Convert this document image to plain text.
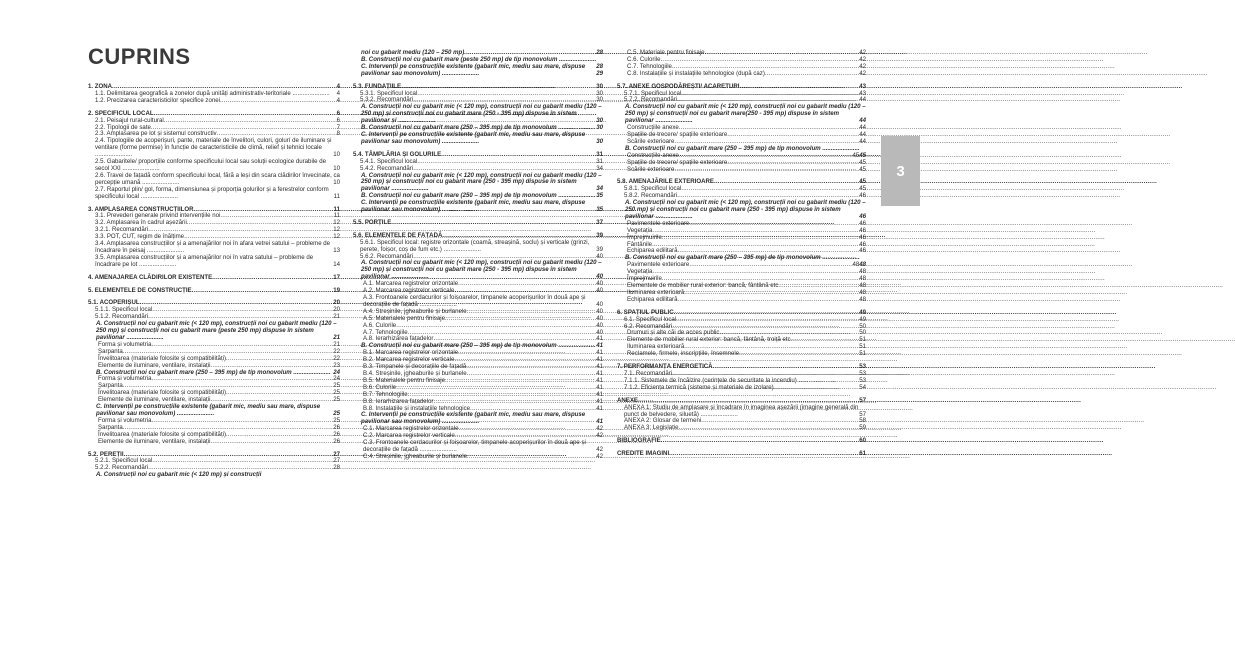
CUPRINS
1. ZONA .....	4
1.1. Delimitarea geografică a zonelor după unități administrativ-teritoriale ...................... 4
1.2. Precizarea caracteristicilor specifice zonei .....	4
2. SPECIFICUL LOCAL .....	6
2.1. Peisajul rural-cultural .....	6
2.2. Tipologii de sate .....	7
2.3. Amplasarea pe lot și sistemul constructiv .....	8
2.4. Tipologiile de acoperișuri, pante, materiale de învelitori, culori, golurí de iluminare și ventilare (forme permise) în funcție de caracteristicile de climă, relief și tehnici locale ......................	10
2.5. Gabaritele/ proporțiile conforme specificului local sau soluții ecologice durabile de secol XXI ......................	10
2.6. Travei de fațadă conform specificului local, fără a leși din scara clădirilor învecinate, ca percepție umană ......................	10
2.7. Raportul plin/ gol, forma, dimensiunea și proporția golurilor și a ferestrelor conform specificului local ......................	11
3. AMPLASAREA CONSTRUCȚIILOR .....	11
3.1. Prevederi generale privind intervențiile noi .....	11
3.2. Amplasarea în cadrul așezării .....	12
3.2.1. Recomandări .....	12
3.3. POT, CUT, regim de înălțime .....	12
3.4. Amplasarea construcțiilor și a amenajărilor noi în afara vetrei satului – probleme de încadrare în peisaj ......................	13
3.5. Amplasarea construcțiilor și a amenajărilor noi în vatra satului – probleme de încadrare pe lot ......................	14
4. AMENAJAREA CLĂDIRILOR EXISTENTE .....	17
5. ELEMENTELE DE CONSTRUCȚIE .....	19
5.1. ACOPERIȘUL .....	20
5.1.1. Specificul local .....	20
5.1.2. Recomandări .....	21
A. Construcții noi cu gabarit mic (< 120 mp), construcții noi cu gabarit mediu (120 – 250 mp) și construcții noi cu gabarit mare (peste 250 mp) dispuse în sistem pavilionar ......................	21
Forma și volumetria .....	21
Șarpanta .....	22
Învelitoarea (materiale folosite și compatibilități) .....	22
Elemente de iluminare, ventilare, instalații .....	23
B. Construcții noi cu gabarit mare (250 – 395 mp) de tip monovolum ...................... 24
Forma și volumetria .....	24
Șarpanta .....	25
Învelitoarea (materiale folosite și compatibilități) .....	25
Elemente de iluminare, ventilare, instalații .....	25
C. Intervenții pe construcțiile existente (gabarit mic, mediu sau mare, dispuse pavilionar sau monovolum) ......................	25
Forma și volumetria .....	25
Șarpanta .....	26
Învelitoarea (materiale folosite și compatibilități) .....	26
Elemente de iluminare, ventilare, instalații .....	26
5.2. PEREȚII .....	27
5.2.1. Specificul local .....	27
5.2.2. Recomandări .....	28
A. Construcții noi cu gabarit mic (< 120 mp) și construcții
noi cu gabarit mediu (120 – 250 mp) .....	28
B. Construcții noi cu gabarit mare (peste 250 mp) de tip monovolum ......................
28
C. Intervenții pe construcțiile existente (gabarit mic, mediu sau mare, dispuse pavilionar sau monovolum) ......................	29
5.3. FUNDAȚIILE .....	30
5.3.1. Specificul local .....	30
5.3.2. Recomandări .....	30
A. Construcții noi cu gabarit mic (< 120 mp), construcții noi cu gabarit mediu (120 – 250 mp) și construcții noi cu gabarit mare (250 - 395 mp) dispuse în sistem pavilionar și ......................	30
B. Construcții noi cu gabarit mare (250 – 395 mp) de tip monovolum ...................... 30
C. Intervenții pe construcțiile existente (gabarit mic, mediu sau mare, dispuse pavilionar sau monovolum) ......................	30
5.4. TÂMPLĂRIA ȘI GOLURILE .....	31
5.4.1. Specificul local .....	31
5.4.2. Recomandări .....	34
A. Construcții noi cu gabarit mic (< 120 mp), construcții noi cu gabarit mediu (120 – 250 mp) și construcții noi cu gabarit mare (250 - 395 mp) dispuse în sistem pavilionar ......................	34
B. Construcții noi cu gabarit mare (250 – 395 mp) de tip monovolum ...................... 35
C. Intervenții pe construcțiile existente (gabarit mic, mediu sau mare, dispuse pavilionar sau monovolum) ......................	35
5.5. PORȚILE .....	37
5.6. ELEMENTELE DE FAȚADĂ .....	39
5.6.1. Specificul local: registre orizontale (coamă, streașină, soclu) și verticale (grinzi, perete, foișor, coș de fum etc.) ......................	39
5.6.2. Recomandări .....	40
A. Construcții noi cu gabarit mic (< 120 mp), construcții noi cu gabarit mediu (120 – 250 mp) și construcții noi cu gabarit mare (250 - 395 mp) dispuse în sistem pavilionar ......................	40
A.1. Marcarea registrelor orizontale .....	40
A.2. Marcarea registrelor verticale .....	40
A.3. Frontoanele cerdacurilor și foișoarelor, timpanele acoperișurilor în două ape și decorațiile de fațadă ......................	40
A.4. Streșinile, jgheaburile și burlanele .....	40
A.5. Materialele pentru finisaje .....	40
A.6. Culorile .....	40
A.7. Tehnologiile .....	40
A.8. Ierarhizarea fațadelor .....	41
B. Construcții noi cu gabarit mare (250 – 395 mp) de tip monovolum ...................... 41
B.1. Marcarea registrelor orizontale .....	41
B.2. Marcarea registrelor verticale .....	41
B.3. Timpanele și decorațiile de fațadă .....	41
B.4. Streșinile, jgheaburile și burlanele .....	41
B.5. Materialele pentru finisaje .....	41
B.6. Culorile .....	41
B.7. Tehnologiile .....	41
B.8. Ierarhizarea fațadelor .....	41
B.8. Instalațiile și instalațiile tehnologice .....	41
C. Intervenții pe construcțiile existente (gabarit mic, mediu sau mare, dispuse pavilionar sau monovolum) ......................	41
C.1. Marcarea registrelor orizontale .....	42
C.2. Marcarea registrelor verticale .....	42
C.3. Frontoanele cerdacurilor și foișoarelor, timpanele acoperișurilor în două ape și decorațiile de fațadă ......................	42
C.4. Streșinile, jgheaburile și burlanele .....	42
C.5. Materiale pentru finisaje .....	42
C.6. Culorile .....	42
C.7. Tehnologiile .....	42
C.8. Instalațiile și instalațiile tehnologice (după caz) .....	42
5.7. ANEXE GOSPODĂREȘTI/ ACARETURI .....	43
5.7.1. Specificul local .....	43
5.7.2. Recomandări .....	44
A. Construcții noi cu gabarit mic (< 120 mp), construcții noi cu gabarit mediu (120 – 250 mp) și construcții noi cu gabarit mare(250 - 395 mp) dispuse în sistem pavilionar ......................	44
Construcțiile anexe .....	44
Spațiile de trecere/ spațiile exterioare .....	44
Scările exterioare .....	44
B. Construcții noi cu gabarit mare (250 – 395 mp) de tip monovolum ......................
45
Construcțiile anexe .....	45
Spațiile de trecere/ spațiile exterioare .....	45
Scările exterioare .....	45
5.8. AMENAJĂRILE EXTERIOARE .....	45
5.8.1. Specificul local .....	45
5.8.2. Recomandări .....	46
A. Construcții noi cu gabarit mic (< 120 mp), construcții noi cu gabarit mediu (120 – 250 mp) și construcții noi cu gabarit mare (250 - 395 mp) dispuse în sistem pavilionar ......................	46
Pavimentele exterioare .....	46
Vegetația .....	46
Împrejmuirile .....	46
Fântânile .....	46
Echiparea edilitară .....	46
B. Construcții noi cu gabarit mare (250 – 395 mp) de tip monovolum ......................
48
Pavimentele exterioare .....	48
Vegetația .....	48
Împrejmuirile .....	48
Elementele de mobilier rural exterior: bancă, fântână etc. .....	48
Iluminarea exterioară .....	48
Echiparea edilitară .....	48
6. SPAȚIUL PUBLIC .....	49
6.1. Specificul local .....	49
6.2. Recomandări .....	50
Drumuri și alte căi de acces public .....	50
Elemente de mobilier rural exterior: bancă, fântână, troiță etc. .....	51
Iluminarea exterioară .....	51
Reclamele, firmele, inscripțiile, însemnele .....	51
7. PERFORMANȚA ENERGETICĂ .....	53
7.1. Recomandări .....	53
7.1.1. Sistemele de încălzire (cerințele de securitate la incendiu) ......................	53
7.1.2. Eficiența termică (sisteme și materiale de izolare) .....	54
ANEXE .....	57
ANEXA 1: Studiu de amplasare și încadrare în imaginea așezării (imagine generală din punct de belvedere, siluetă) ......................	57
ANEXA 2: Glosar de termeni .....	58
ANEXA 3: Legislație .....	59
BIBLIOGRAFIE .....	60
CREDITE IMAGINI .....	61
3
